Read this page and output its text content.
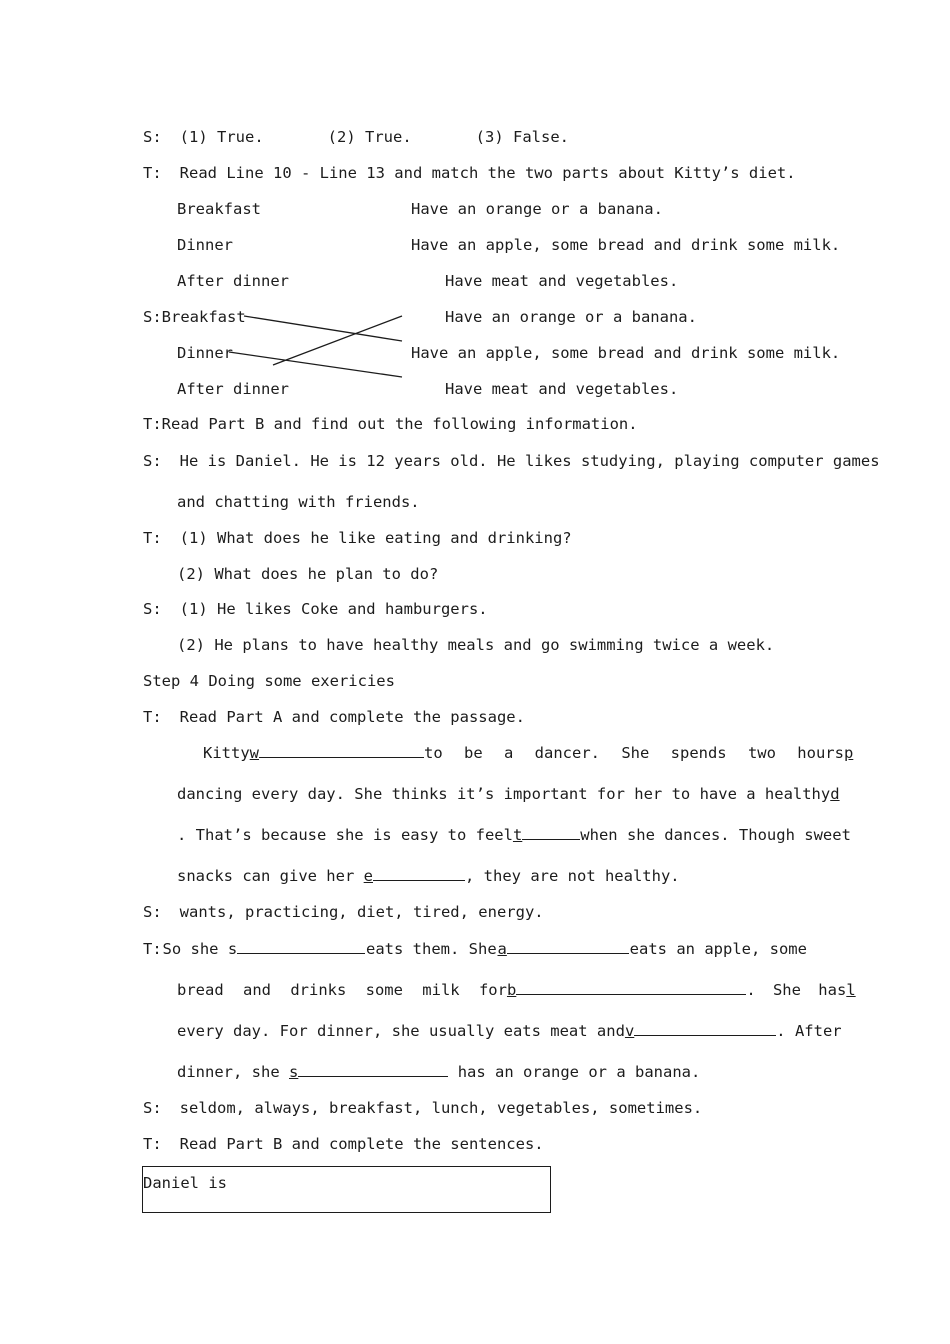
S: (1) True.	(2) True.	(3) False.
T: Read Line 10 - Line 13 and match the two parts about Kitty’s diet.
Breakfast	Have an orange or a banana.
Dinner	Have an apple, some bread and drink some milk.
After dinner	Have meat and vegetables.
S:Breakfast	Have an orange or a banana.
Dinner	Have an apple, some bread and drink some milk.
After dinner	Have meat and vegetables.
T:Read Part B and find out the following information.
S: He is Daniel. He is 12 years old. He likes studying, playing computer games
and chatting with friends.
T: (1) What does he like eating and drinking?
(2) What does he plan to do?
S: (1) He likes Coke and hamburgers.
(2) He plans to have healthy meals and go swimming twice a week.
Step 4 Doing some exericies
T: Read Part A and complete the passage.
Kitty w	to be a dancer. She spends two hours p
dancing every day. She thinks it’s important for her to have a healthy d
. That’s because she is easy to feel t	when she dances. Though sweet
snacks can give her e	, they are not healthy.
S: wants, practicing, diet, tired, energy.
T: So she s	eats them. She a	eats an apple, some
bread and drinks some milk for b	. She has l
every day. For dinner, she usually eats meat and v	. After
dinner, she s	has an orange or a banana.
S: seldom, always, breakfast, lunch, vegetables, sometimes.
T: Read Part B and complete the sentences.
Daniel is
